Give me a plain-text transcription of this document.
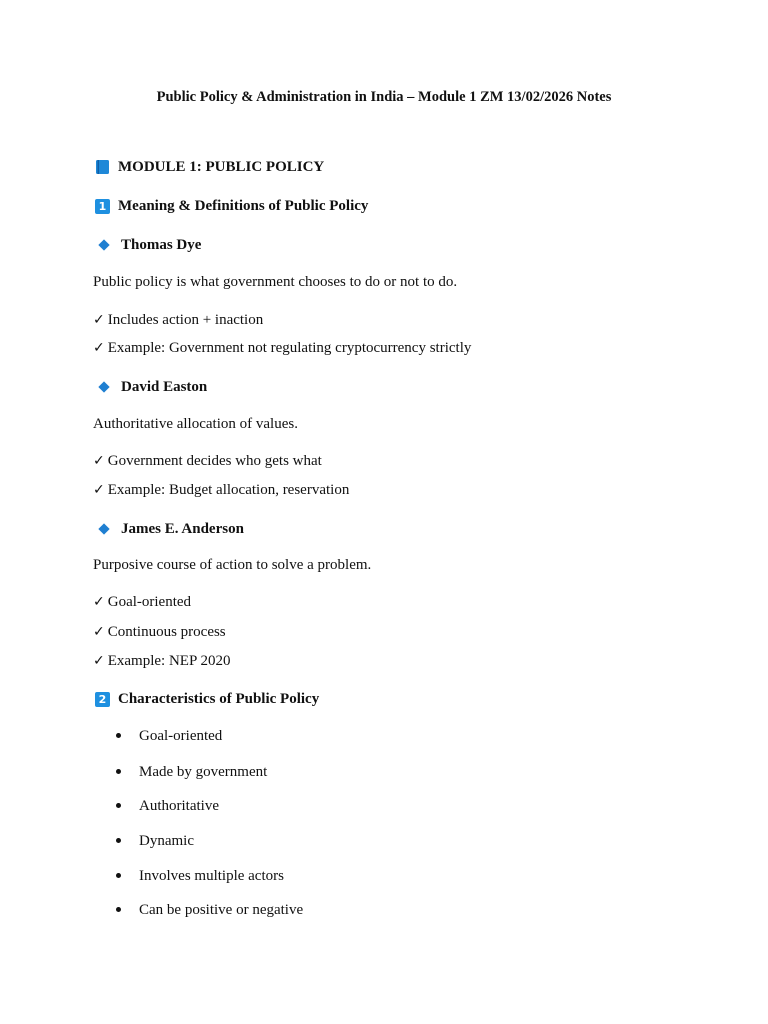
Public Policy & Administration in India – Module 1 ZM 13/02/2026 Notes
MODULE 1: PUBLIC POLICY
1 Meaning & Definitions of Public Policy
Thomas Dye
Public policy is what government chooses to do or not to do.
✓ Includes action + inaction
✓ Example: Government not regulating cryptocurrency strictly
David Easton
Authoritative allocation of values.
✓ Government decides who gets what
✓ Example: Budget allocation, reservation
James E. Anderson
Purposive course of action to solve a problem.
✓ Goal-oriented
✓ Continuous process
✓ Example: NEP 2020
2 Characteristics of Public Policy
Goal-oriented
Made by government
Authoritative
Dynamic
Involves multiple actors
Can be positive or negative
